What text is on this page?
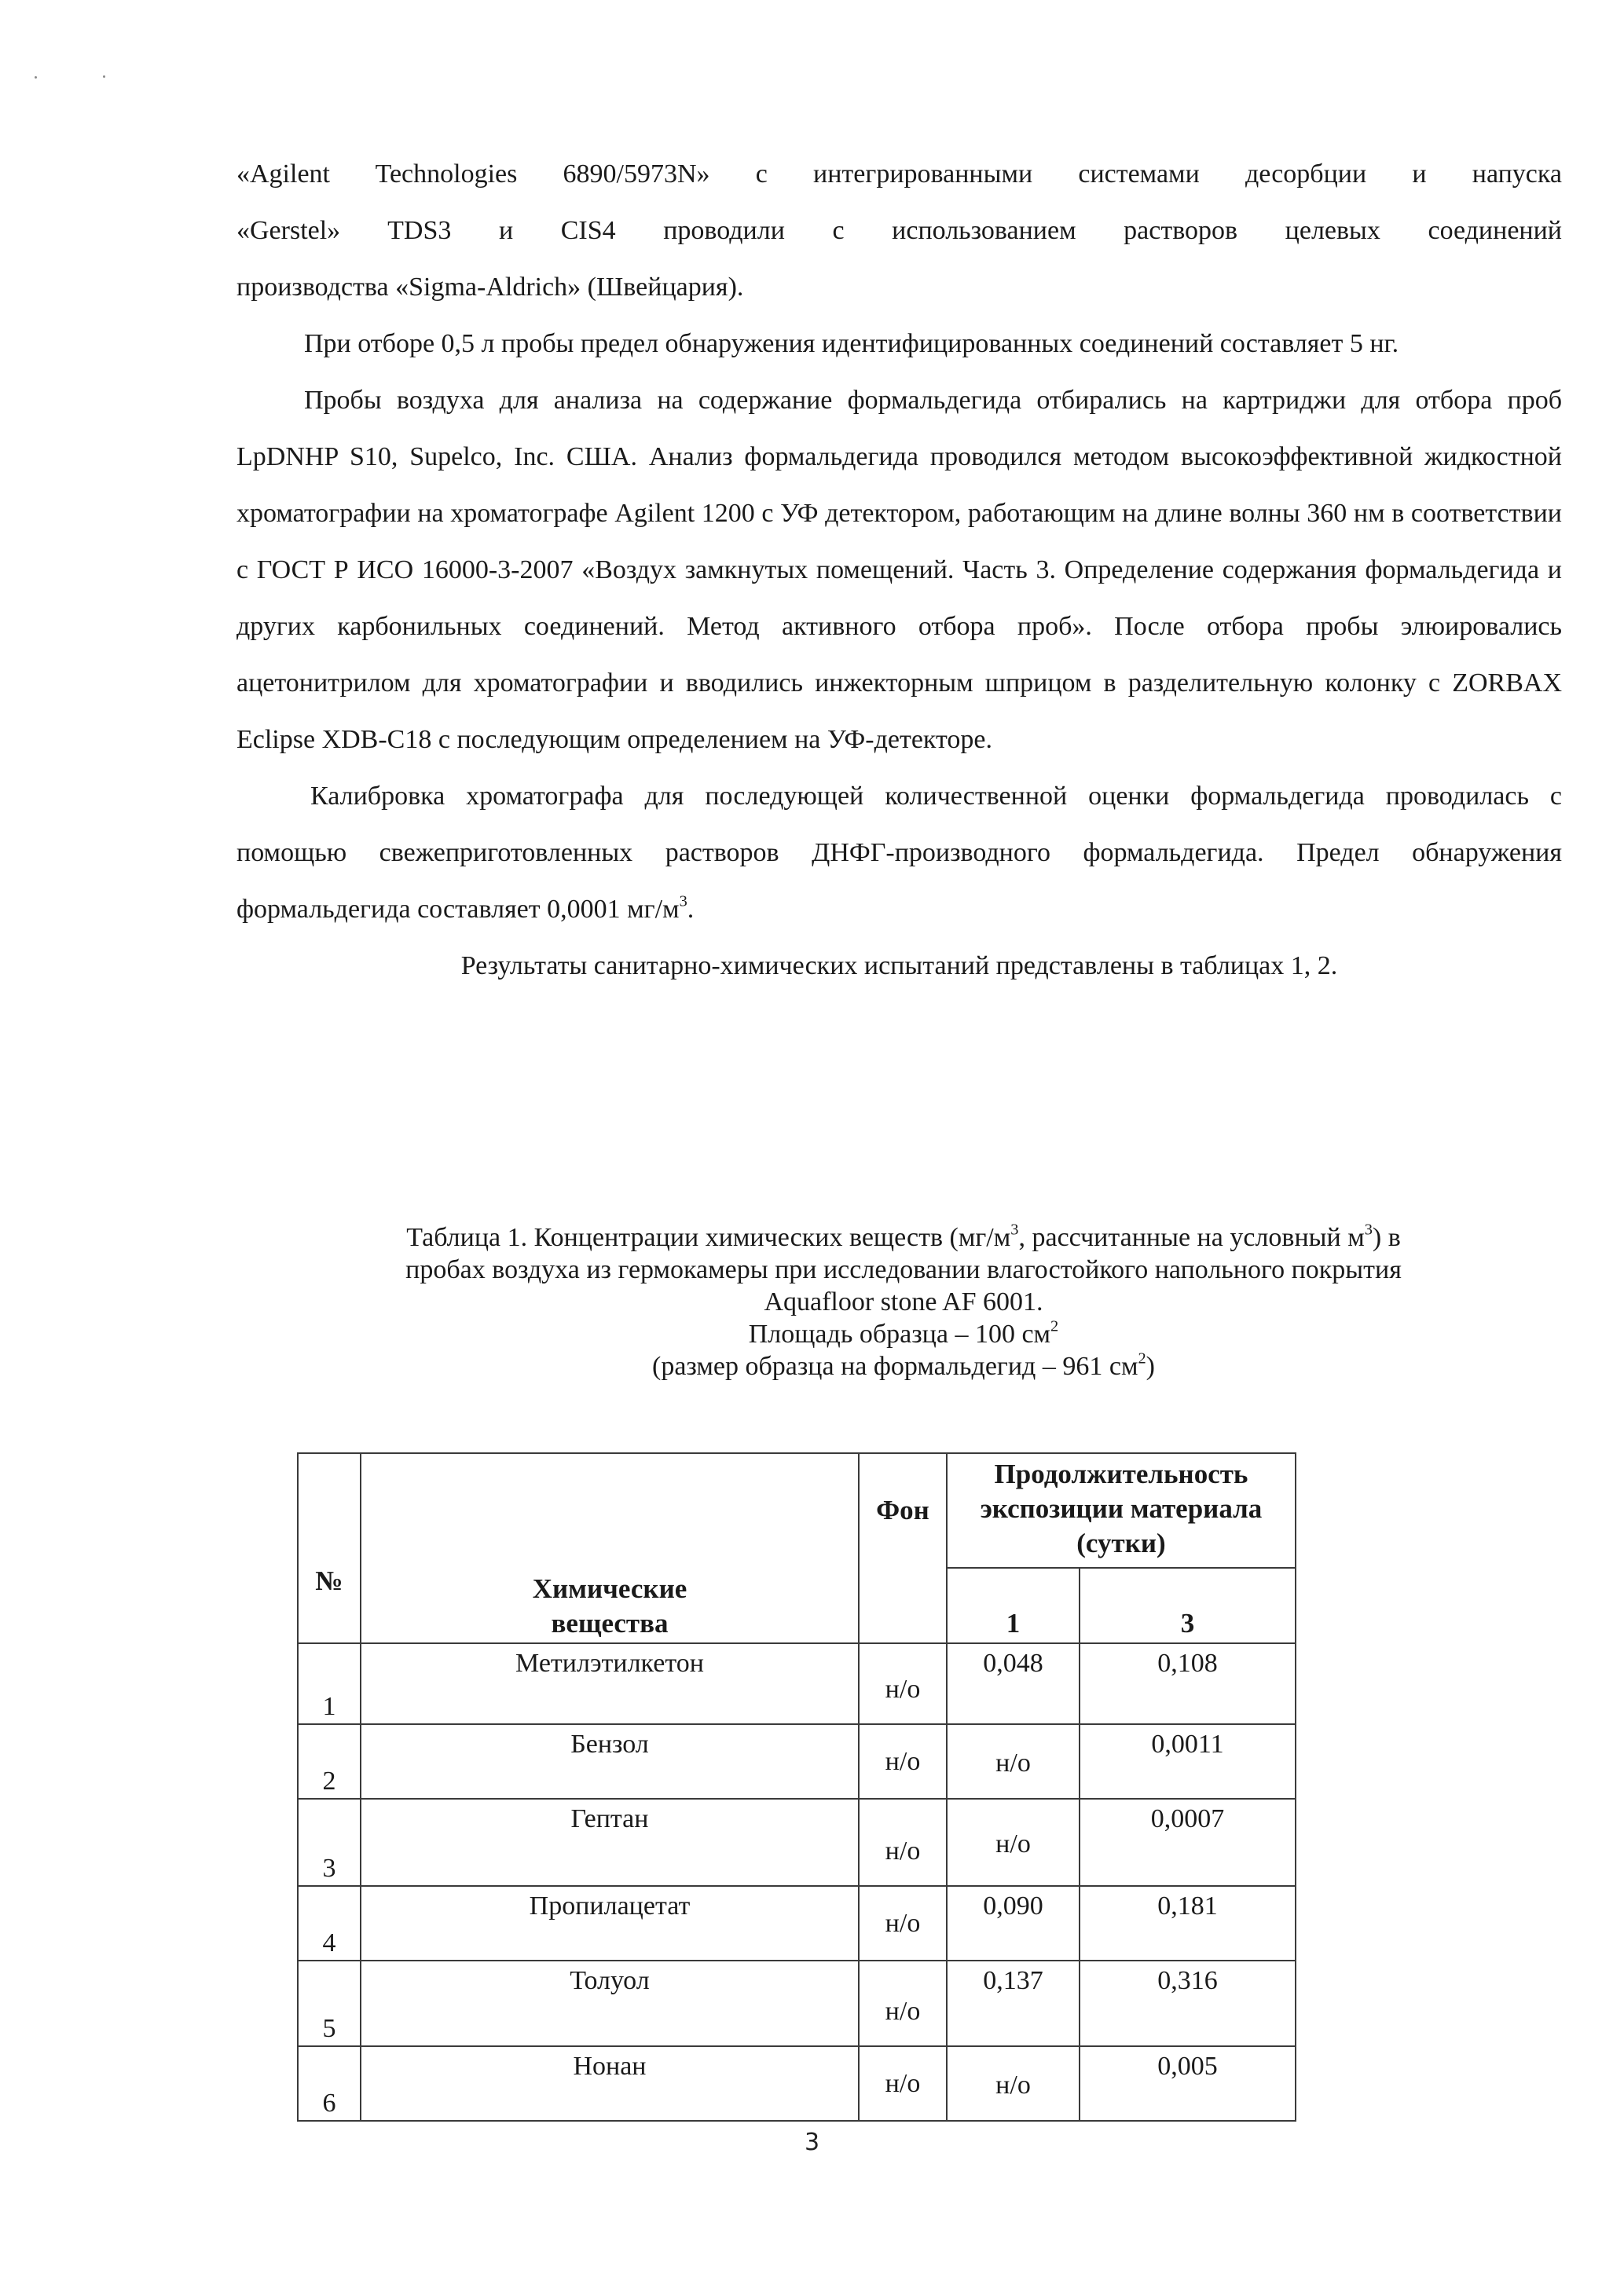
«Agilent Technologies 6890/5973N» с интегрированными системами десорбции и напуска

«Gerstel» TDS3 и CIS4 проводили с использованием растворов целевых соединений

производства «Sigma-Aldrich» (Швейцария).

При отборе 0,5 л пробы предел обнаружения идентифицированных соединений составляет 5 нг.

Пробы воздуха для анализа на содержание формальдегида отбирались на картриджи для отбора проб LpDNHP S10, Supelco, Inc. США. Анализ формальдегида проводился методом высокоэффективной жидкостной хроматографии на хроматографе Agilent 1200 с УФ детектором, работающим на длине волны 360 нм в соответствии с ГОСТ Р ИСО 16000-3-2007 «Воздух замкнутых помещений. Часть 3. Определение содержания формальдегида и других карбонильных соединений. Метод активного отбора проб». После отбора пробы элюировались ацетонитрилом для хроматографии и вводились инжекторным шприцом в разделительную колонку с ZORBAX Eclipse XDB-C18 с последующим определением на УФ-детекторе.

Калибровка хроматографа для последующей количественной оценки формальдегида проводилась с помощью свежеприготовленных растворов ДНФГ-производного формальдегида. Предел обнаружения формальдегида составляет 0,0001 $мг/м^3$.

Результаты санитарно-химических испытаний представлены в таблицах 1, 2.

Таблица 1. Концентрации химических веществ ($мг/м^3$, рассчитанные на условный $м^3$) в
пробах воздуха из гермокамеры при исследовании влагостойкого напольного покрытия
Aquafloor stone AF 6001.
Площадь образца – 100 $см^2$
(размер образца на формальдегид – 961 $см^2$)
№	Химические вещества	Фон	Продолжительность экспозиции материала (сутки)	

			1	3
1	Метилэтилкетон	н/о	0,048	0,108
2	Бензол	н/о	н/о	0,0011
3	Гептан	н/о	н/о	0,0007
4	Пропилацетат	н/о	0,090	0,181
5	Толуол	н/о	0,137	0,316
6	Нонан	н/о	н/о	0,005
3
